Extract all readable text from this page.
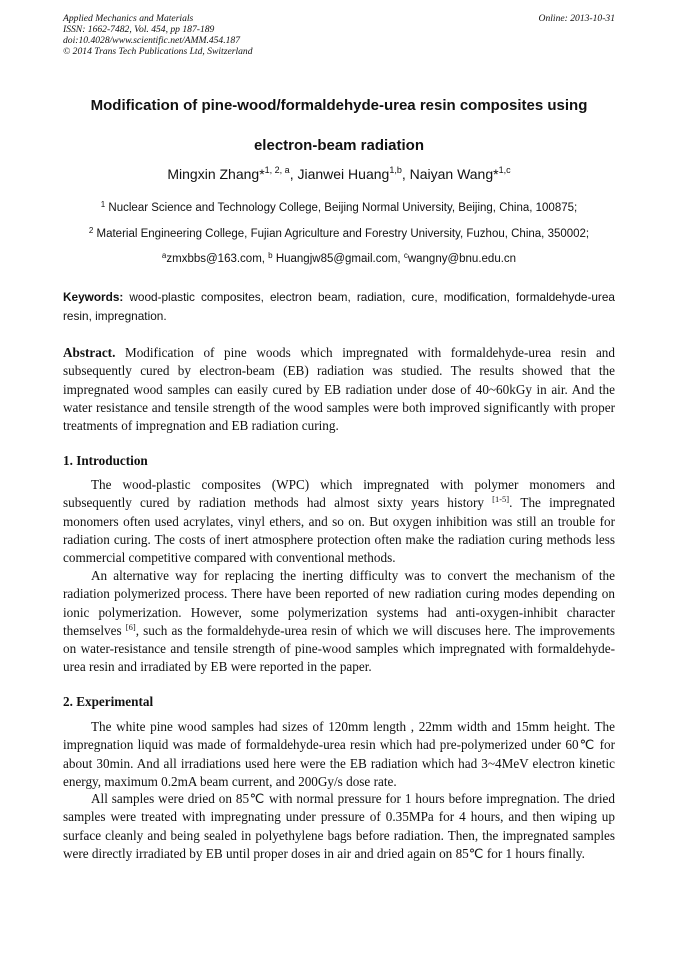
Applied Mechanics and Materials
ISSN: 1662-7482, Vol. 454, pp 187-189
doi:10.4028/www.scientific.net/AMM.454.187
© 2014 Trans Tech Publications Ltd, Switzerland
Online: 2013-10-31
Modification of pine-wood/formaldehyde-urea resin composites using
electron-beam radiation
Mingxin Zhang*$^{1, 2, a}$, Jianwei Huang$^{1,b}$, Naiyan Wang*$^{1,c}$
$^1$ Nuclear Science and Technology College, Beijing Normal University, Beijing, China, 100875;
$^2$ Material Engineering College, Fujian Agriculture and Forestry University, Fuzhou, China, 350002;
$^a$zmxbbs@163.com, $^b$ Huangjw85@gmail.com, $^c$wangny@bnu.edu.cn
Keywords: wood-plastic composites, electron beam, radiation, cure, modification, formaldehyde-urea resin, impregnation.
Abstract. Modification of pine woods which impregnated with formaldehyde-urea resin and subsequently cured by electron-beam (EB) radiation was studied. The results showed that the impregnated wood samples can easily cured by EB radiation under dose of 40~60kGy in air. And the water resistance and tensile strength of the wood samples were both improved significantly with proper treatments of impregnation and EB radiation curing.
1. Introduction
The wood-plastic composites (WPC) which impregnated with polymer monomers and subsequently cured by radiation methods had almost sixty years history [1-5]. The impregnated monomers often used acrylates, vinyl ethers, and so on. But oxygen inhibition was still an trouble for radiation curing. The costs of inert atmosphere protection often make the radiation curing methods less commercial competitive compared with conventional methods.
An alternative way for replacing the inerting difficulty was to convert the mechanism of the radiation polymerized process. There have been reported of new radiation curing modes depending on ionic polymerization. However, some polymerization systems had anti-oxygen-inhibit character themselves [6], such as the formaldehyde-urea resin of which we will discuses here. The improvements on water-resistance and tensile strength of pine-wood samples which impregnated with formaldehyde-urea resin and irradiated by EB were reported in the paper.
2. Experimental
The white pine wood samples had sizes of 120mm length , 22mm width and 15mm height. The impregnation liquid was made of formaldehyde-urea resin which had pre-polymerized under 60℃ for about 30min. And all irradiations used here were the EB radiation which had 3~4MeV electron kinetic energy, maximum 0.2mA beam current, and 200Gy/s dose rate.
All samples were dried on 85℃ with normal pressure for 1 hours before impregnation. The dried samples were treated with impregnating under pressure of 0.35MPa for 4 hours, and then wiping up surface cleanly and being sealed in polyethylene bags before radiation. Then, the impregnated samples were directly irradiated by EB until proper doses in air and dried again on 85℃ for 1 hours finally.
